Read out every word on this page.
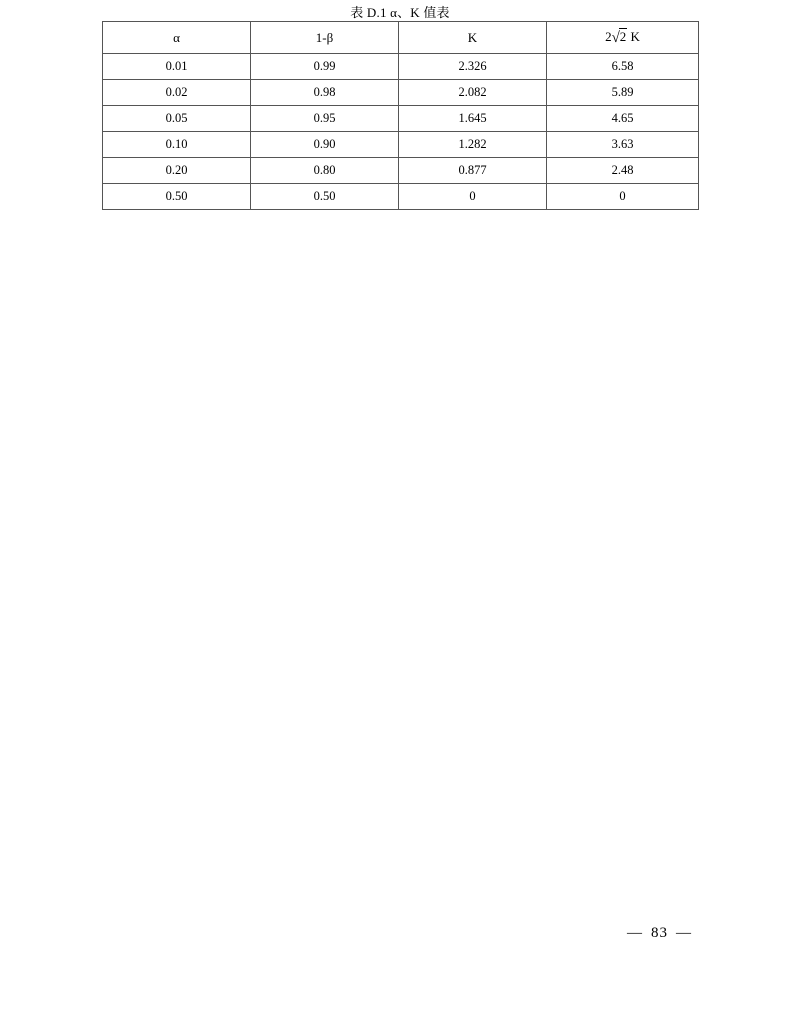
表 D.1 α、K 值表
α	1-β	K	2√2 K
0.01	0.99	2.326	6.58
0.02	0.98	2.082	5.89
0.05	0.95	1.645	4.65
0.10	0.90	1.282	3.63
0.20	0.80	0.877	2.48
0.50	0.50	0	0
— 83 —
